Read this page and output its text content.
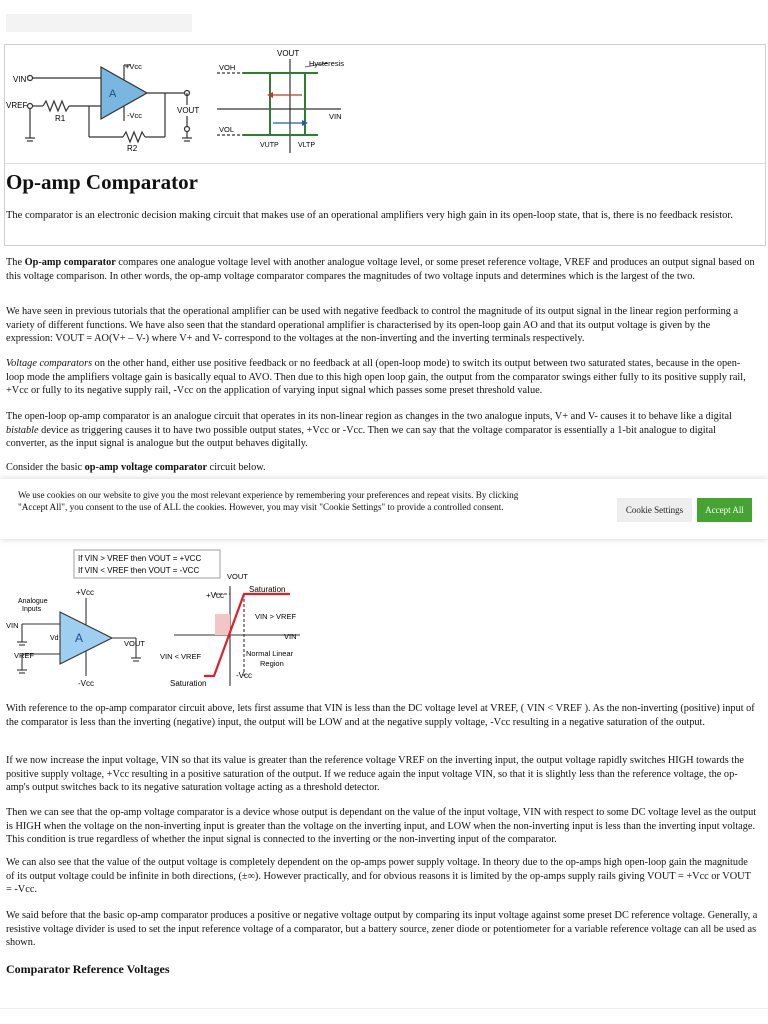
VIN
VREF
+Vcc
-Vcc
A
R1
R2
VOUT
VOUT
Hysteresis
VOH
VOL
VIN
VUTP	VLTP
Op-amp Comparator

The comparator is an electronic decision making circuit that makes use of an operational amplifiers very high gain in its open-loop state, that is, there is no feedback resistor.

The Op-amp comparator compares one analogue voltage level with another analogue voltage level, or some preset reference voltage, VREF and produces an output signal based on this voltage comparison. In other words, the op-amp voltage comparator compares the magnitudes of two voltage inputs and determines which is the largest of the two.

We have seen in previous tutorials that the operational amplifier can be used with negative feedback to control the magnitude of its output signal in the linear region performing a variety of different functions. We have also seen that the standard operational amplifier is characterised by its open-loop gain AO and that its output voltage is given by the expression: VOUT = AO(V+ – V-) where V+ and V- correspond to the voltages at the non-inverting and the inverting terminals respectively.

Voltage comparators on the other hand, either use positive feedback or no feedback at all (open-loop mode) to switch its output between two saturated states, because in the open-loop mode the amplifiers voltage gain is basically equal to AVO. Then due to this high open loop gain, the output from the comparator swings either fully to its positive supply rail, +Vcc or fully to its negative supply rail, -Vcc on the application of varying input signal which passes some preset threshold value.

The open-loop op-amp comparator is an analogue circuit that operates in its non-linear region as changes in the two analogue inputs, V+ and V- causes it to behave like a digital bistable device as triggering causes it to have two possible output states, +Vcc or -Vcc. Then we can say that the voltage comparator is essentially a 1-bit analogue to digital converter, as the input signal is analogue but the output behaves digitally.

Consider the basic op-amp voltage comparator circuit below.

We use cookies on our website to give you the most relevant experience by remembering your preferences and repeat visits. By clicking "Accept All", you consent to the use of ALL the cookies. However, you may visit "Cookie Settings" to provide a controlled consent.	Cookie Settings	Accept All
If VIN > VREF then VOUT = +VCC
If VIN < VREF then VOUT = -VCC
Analogue
Inputs
VIN
VREF
Vd A
+Vcc
-Vcc
VOUT
VOUT
+Vcc
Saturation
VIN > VREF
VIN
VIN < VREF	Normal Linear
Region
-Vcc
Saturation

With reference to the op-amp comparator circuit above, lets first assume that VIN is less than the DC voltage level at VREF, ( VIN < VREF ). As the non-inverting (positive) input of the comparator is less than the inverting (negative) input, the output will be LOW and at the negative supply voltage, -Vcc resulting in a negative saturation of the output.

If we now increase the input voltage, VIN so that its value is greater than the reference voltage VREF on the inverting input, the output voltage rapidly switches HIGH towards the positive supply voltage, +Vcc resulting in a positive saturation of the output. If we reduce again the input voltage VIN, so that it is slightly less than the reference voltage, the op-amp's output switches back to its negative saturation voltage acting as a threshold detector.

Then we can see that the op-amp voltage comparator is a device whose output is dependant on the value of the input voltage, VIN with respect to some DC voltage level as the output is HIGH when the voltage on the non-inverting input is greater than the voltage on the inverting input, and LOW when the non-inverting input is less than the inverting input voltage. This condition is true regardless of whether the input signal is connected to the inverting or the non-inverting input of the comparator.

We can also see that the value of the output voltage is completely dependent on the op-amps power supply voltage. In theory due to the op-amps high open-loop gain the magnitude of its output voltage could be infinite in both directions, (±∞). However practically, and for obvious reasons it is limited by the op-amps supply rails giving VOUT = +Vcc or VOUT = -Vcc.

We said before that the basic op-amp comparator produces a positive or negative voltage output by comparing its input voltage against some preset DC reference voltage. Generally, a resistive voltage divider is used to set the input reference voltage of a comparator, but a battery source, zener diode or potentiometer for a variable reference voltage can all be used as shown.

Comparator Reference Voltages
